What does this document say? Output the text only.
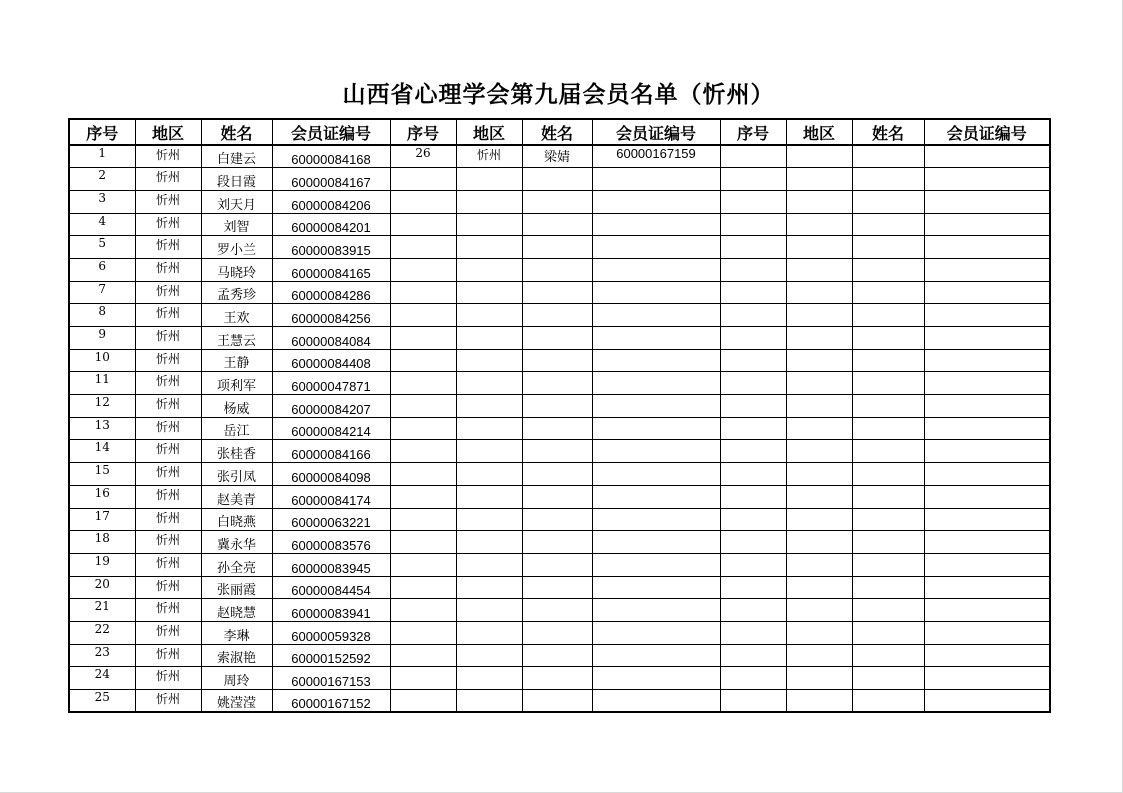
山西省心理学会第九届会员名单（忻州）
序号	地区	姓名	会员证编号	序号	地区	姓名	会员证编号	序号	地区	姓名	会员证编号
1	忻州	白建云	60000084168	26	忻州	梁婧	60000167159				
2	忻州	段日霞	60000084167								
3	忻州	刘天月	60000084206								
4	忻州	刘智	60000084201								
5	忻州	罗小兰	60000083915								
6	忻州	马晓玲	60000084165								
7	忻州	孟秀珍	60000084286								
8	忻州	王欢	60000084256								
9	忻州	王慧云	60000084084								
10	忻州	王静	60000084408								
11	忻州	项利军	60000047871								
12	忻州	杨威	60000084207								
13	忻州	岳江	60000084214								
14	忻州	张桂香	60000084166								
15	忻州	张引凤	60000084098								
16	忻州	赵美青	60000084174								
17	忻州	白晓燕	60000063221								
18	忻州	冀永华	60000083576								
19	忻州	孙全亮	60000083945								
20	忻州	张丽霞	60000084454								
21	忻州	赵晓慧	60000083941								
22	忻州	李琳	60000059328								
23	忻州	索淑艳	60000152592								
24	忻州	周玲	60000167153								
25	忻州	姚滢滢	60000167152								
